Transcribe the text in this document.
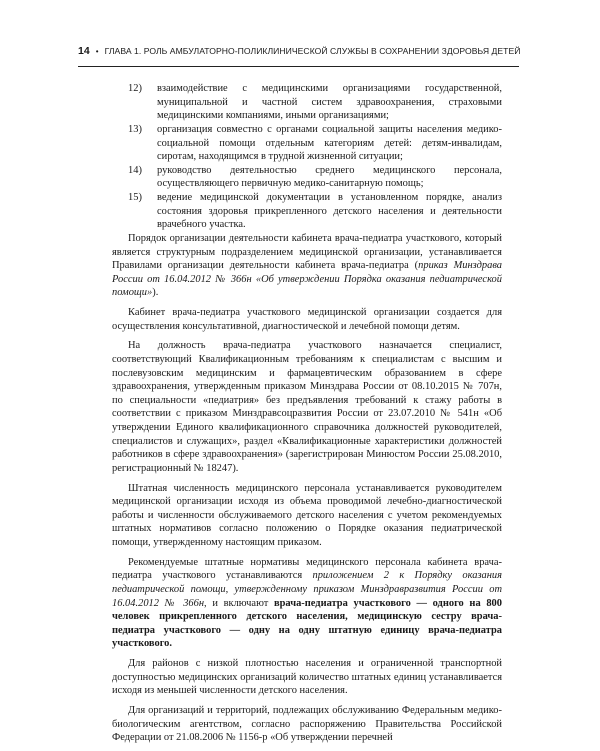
14 • ГЛАВА 1. РОЛЬ АМБУЛАТОРНО-ПОЛИКЛИНИЧЕСКОЙ СЛУЖБЫ В СОХРАНЕНИИ ЗДОРОВЬЯ ДЕТЕЙ
12) взаимодействие с медицинскими организациями государственной, муниципальной и частной систем здравоохранения, страховыми медицинскими компаниями, иными организациями;
13) организация совместно с органами социальной защиты населения медико-социальной помощи отдельным категориям детей: детям-инвалидам, сиротам, находящимся в трудной жизненной ситуации;
14) руководство деятельностью среднего медицинского персонала, осуществляющего первичную медико-санитарную помощь;
15) ведение медицинской документации в установленном порядке, анализ состояния здоровья прикрепленного детского населения и деятельности врачебного участка.

Порядок организации деятельности кабинета врача-педиатра участкового, который является структурным подразделением медицинской организации, устанавливается Правилами организации деятельности кабинета врача-педиатра (приказ Минздрава России от 16.04.2012 № 366н «Об утверждении Порядка оказания педиатрической помощи»).

Кабинет врача-педиатра участкового медицинской организации создается для осуществления консультативной, диагностической и лечебной помощи детям.

На должность врача-педиатра участкового назначается специалист, соответствующий Квалификационным требованиям к специалистам с высшим и послевузовским медицинским и фармацевтическим образованием в сфере здравоохранения, утвержденным приказом Минздрава России от 08.10.2015 № 707н, по специальности «педиатрия» без предъявления требований к стажу работы в соответствии с приказом Минздравсоцразвития России от 23.07.2010 № 541н «Об утверждении Единого квалификационного справочника должностей руководителей, специалистов и служащих», раздел «Квалификационные характеристики должностей работников в сфере здравоохранения» (зарегистрирован Минюстом России 25.08.2010, регистрационный № 18247).

Штатная численность медицинского персонала устанавливается руководителем медицинской организации исходя из объема проводимой лечебно-диагностической работы и численности обслуживаемого детского населения с учетом рекомендуемых штатных нормативов согласно положению о Порядке оказания педиатрической помощи, утвержденному настоящим приказом.

Рекомендуемые штатные нормативы медицинского персонала кабинета врача-педиатра участкового устанавливаются приложением 2 к Порядку оказания педиатрической помощи, утвержденному приказом Минздравразвития России от 16.04.2012 № 366н, и включают врача-педиатра участкового — одного на 800 человек прикрепленного детского населения, медицинскую сестру врача-педиатра участкового — одну на одну штатную единицу врача-педиатра участкового.

Для районов с низкой плотностью населения и ограниченной транспортной доступностью медицинских организаций количество штатных единиц устанавливается исходя из меньшей численности детского населения.

Для организаций и территорий, подлежащих обслуживанию Федеральным медико-биологическим агентством, согласно распоряжению Правительства Российской Федерации от 21.08.2006 № 1156-р «Об утверждении перечней
